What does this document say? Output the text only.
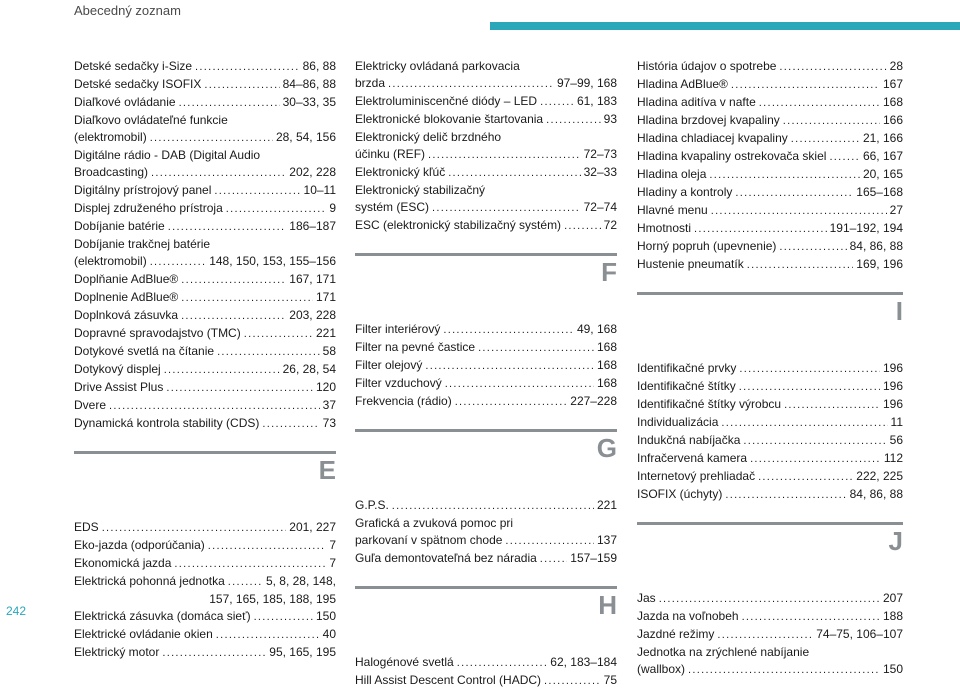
Abecedný zoznam
Detské sedačky i-Size .....	86, 88
Detské sedačky ISOFIX .....	84–86, 88
Diaľkové ovládanie .....	30–33, 35
Diaľkovo ovládateľné funkcie
(elektromobil) .....	28, 54, 156
Digitálne rádio - DAB (Digital Audio
Broadcasting) .....	202, 228
Digitálny prístrojový panel .....	10–11
Displej združeného prístroja .....	9
Dobíjanie batérie .....	186–187
Dobíjanie trakčnej batérie
(elektromobil) .....	148, 150, 153, 155–156
Doplňanie AdBlue® .....	167, 171
Doplnenie AdBlue® .....	171
Doplnková zásuvka .....	203, 228
Dopravné spravodajstvo (TMC) .....	221
Dotykové svetlá na čítanie .....	58
Dotykový displej .....	26, 28, 54
Drive Assist Plus .....	120
Dvere .....	37
Dynamická kontrola stability (CDS) .....	73
E
EDS .....	201, 227
Eko-jazda (odporúčania) .....	7
Ekonomická jazda .....	7
Elektrická pohonná jednotka .....	5, 8, 28, 148,
157, 165, 185, 188, 195
Elektrická zásuvka (domáca sieť) .....	150
Elektrické ovládanie okien .....	40
Elektrický motor .....	95, 165, 195
Elektricky ovládaná parkovacia
brzda .....	97–99, 168
Elektroluminiscenčné diódy – LED .....	61, 183
Elektronické blokovanie štartovania .....	93
Elektronický delič brzdného
účinku (REF) .....	72–73
Elektronický kľúč .....	32–33
Elektronický stabilizačný
systém (ESC) .....	72–74
ESC (elektronický stabilizačný systém) .....	72
F
Filter interiérový .....	49, 168
Filter na pevné častice .....	168
Filter olejový .....	168
Filter vzduchový .....	168
Frekvencia (rádio) .....	227–228
G
G.P.S. .....	221
Grafická a zvuková pomoc pri
parkovaní v spätnom chode .....	137
Guľa demontovateľná bez náradia .....	157–159
H
Halogénové svetlá .....	62, 183–184
Hill Assist Descent Control (HADC) .....	75
História údajov o spotrebe .....	28
Hladina AdBlue® .....	167
Hladina aditíva v nafte .....	168
Hladina brzdovej kvapaliny .....	166
Hladina chladiacej kvapaliny .....	21, 166
Hladina kvapaliny ostrekovača skiel .....	66, 167
Hladina oleja .....	20, 165
Hladiny a kontroly .....	165–168
Hlavné menu .....	27
Hmotnosti .....	191–192, 194
Horný popruh (upevnenie) .....	84, 86, 88
Hustenie pneumatík .....	169, 196
I
Identifikačné prvky .....	196
Identifikačné štítky .....	196
Identifikačné štítky výrobcu .....	196
Individualizácia .....	11
Indukčná nabíjačka .....	56
Infračervená kamera .....	112
Internetový prehliadač .....	222, 225
ISOFIX (úchyty) .....	84, 86, 88
J
Jas .....	207
Jazda na voľnobeh .....	188
Jazdné režimy .....	74–75, 106–107
Jednotka na zrýchlené nabíjanie
(wallbox) .....	150
242
